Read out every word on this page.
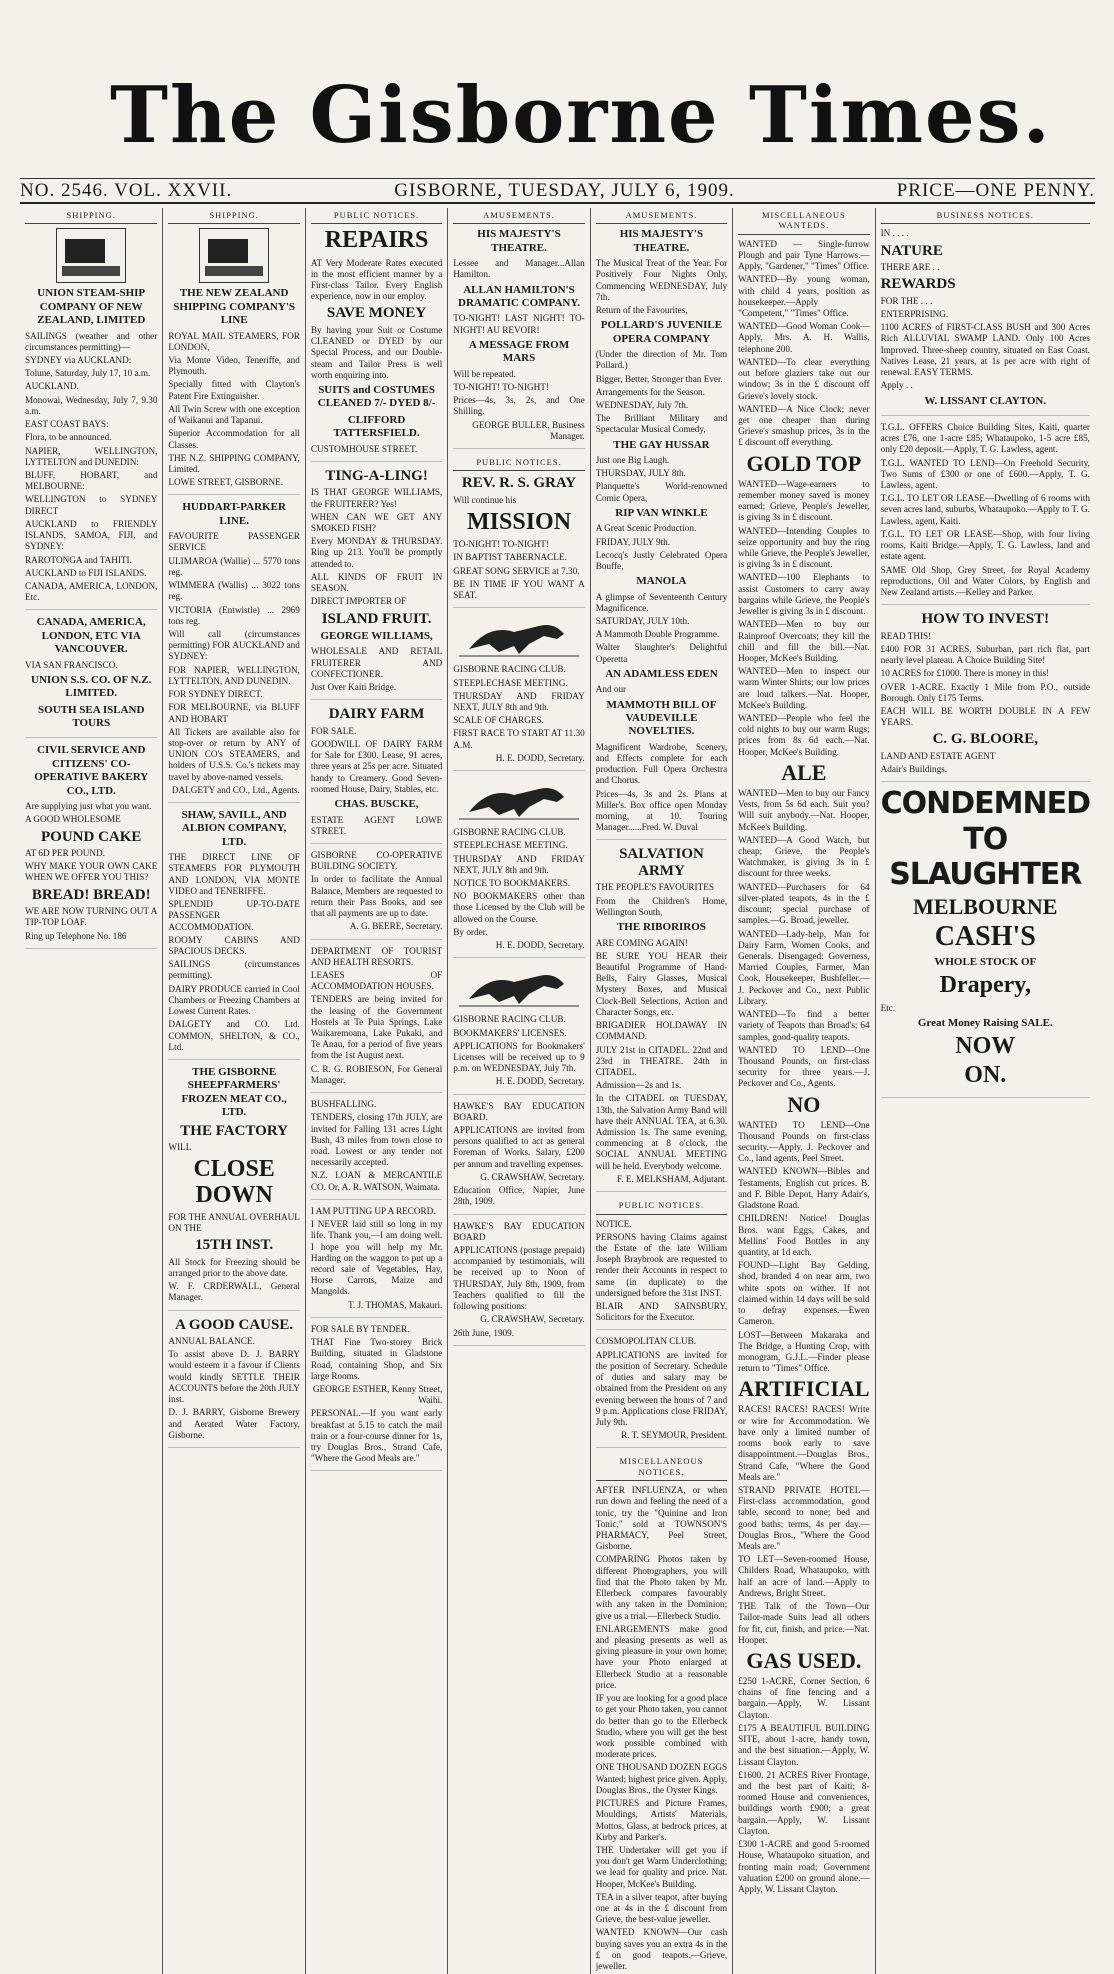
The Gisborne Times.
NO. 2546. VOL. XXVII.	GISBORNE, TUESDAY, JULY 6, 1909.	PRICE—ONE PENNY.
SHIPPING.
UNION STEAM-SHIP COMPANY OF NEW ZEALAND, LIMITED
SAILINGS (weather and other circumstances permitting)—
SYDNEY via AUCKLAND:
Tolune, Saturday, July 17, 10 a.m.
AUCKLAND.
Monowai, Wednesday, July 7, 9.30 a.m.
EAST COAST BAYS:
Flora, to be announced.
NAPIER, WELLINGTON, LYTTELTON and DUNEDIN:
BLUFF, HOBART, and MELBOURNE:
WELLINGTON to SYDNEY DIRECT
AUCKLAND to FRIENDLY ISLANDS, SAMOA, FIJI, and SYDNEY:
RAROTONGA and TAHITI.
AUCKLAND to FIJI ISLANDS.
CANADA, AMERICA, LONDON, Etc.
CANADA, AMERICA, LONDON, ETC VIA VANCOUVER.
VIA SAN FRANCISCO.
UNION S.S. CO. OF N.Z. LIMITED.
SOUTH SEA ISLAND TOURS
CIVIL SERVICE AND CITIZENS' CO-OPERATIVE BAKERY CO., LTD.
Are supplying just what you want.
A GOOD WHOLESOME
POUND CAKE
AT 6D PER POUND.
WHY MAKE YOUR OWN CAKE WHEN WE OFFER YOU THIS?
BREAD! BREAD!
WE ARE NOW TURNING OUT A TIP-TOP LOAF.
Ring up Telephone No. 186
SHIPPING.
THE NEW ZEALAND SHIPPING COMPANY'S LINE
ROYAL MAIL STEAMERS, FOR LONDON,
Via Monte Video, Teneriffe, and Plymouth.
Specially fitted with Clayton's Patent Fire Extinguisher.
All Twin Screw with one exception of Waikanui and Tapanui.
Superior Accommodation for all Classes.
THE N.Z. SHIPPING COMPANY, Limited.
LOWE STREET, GISBORNE.
HUDDART-PARKER LINE.
FAVOURITE PASSENGER SERVICE
ULIMAROA (Wallie) ... 5770 tons reg.
WIMMERA (Wallis) ... 3022 tons reg.
VICTORIA (Entwistle) ... 2969 tons reg.
Will call (circumstances permitting) FOR AUCKLAND and SYDNEY:
FOR NAPIER, WELLINGTON, LYTTELTON, AND DUNEDIN.
FOR SYDNEY DIRECT.
FOR MELBOURNE, via BLUFF AND HOBART
All Tickets are available also for stop-over or return by ANY of UNION CO's STEAMERS, and holders of U.S.S. Co.'s tickets may travel by above-named vessels.
DALGETY and CO., Ltd., Agents.
SHAW, SAVILL, AND ALBION COMPANY, LTD.
THE DIRECT LINE OF STEAMERS FOR PLYMOUTH AND LONDON, VIA MONTE VIDEO and TENERIFFE.
SPLENDID UP-TO-DATE PASSENGER ACCOMMODATION.
ROOMY CABINS AND SPACIOUS DECKS.
SAILINGS (circumstances permitting).
DAIRY PRODUCE carried in Cool Chambers or Freezing Chambers at Lowest Current Rates.
DALGETY and CO. Ltd. COMMON, SHELTON, & CO., Ltd.
THE GISBORNE SHEEPFARMERS' FROZEN MEAT CO., LTD.
THE FACTORY
WILL
CLOSE DOWN
FOR THE ANNUAL OVERHAUL ON THE
15TH INST.
All Stock for Freezing should be arranged prior to the above date.
W. F. CRDERWALL, General Manager.
A GOOD CAUSE.
ANNUAL BALANCE.
To assist above D. J. BARRY would esteem it a favour if Clients would kindly SETTLE THEIR ACCOUNTS before the 20th JULY inst.
D. J. BARRY, Gisborne Brewery and Aerated Water Factory, Gisborne.
PUBLIC NOTICES.
REPAIRS
AT Very Moderate Rates executed in the most efficient manner by a First-class Tailor. Every English experience, now in our employ.
SAVE MONEY
By having your Suit or Costume CLEANED or DYED by our Special Process, and our Double-steam and Tailor Press is well worth enquiring into.
SUITS and COSTUMES CLEANED 7/- DYED 8/-
CLIFFORD TATTERSFIELD.
CUSTOMHOUSE STREET.
TING-A-LING!
IS THAT GEORGE WILLIAMS, the FRUITERER? Yes!
WHEN CAN WE GET ANY SMOKED FISH?
Every MONDAY & THURSDAY. Ring up 213. You'll be promptly attended to.
ALL KINDS OF FRUIT IN SEASON.
DIRECT IMPORTER OF
ISLAND FRUIT.
GEORGE WILLIAMS,
WHOLESALE AND RETAIL FRUITERER AND CONFECTIONER.
Just Over Kaiti Bridge.
DAIRY FARM
FOR SALE.
GOODWILL OF DAIRY FARM for Sale for £300. Lease, 91 acres, three years at 25s per acre. Situated handy to Creamery. Good Seven-roomed House, Dairy, Stables, etc.
CHAS. BUSCKE,
ESTATE AGENT LOWE STREET.
GISBORNE CO-OPERATIVE BUILDING SOCIETY.
In order to facilitate the Annual Balance, Members are requested to return their Pass Books, and see that all payments are up to date.
A. G. BEERE, Secretary.
DEPARTMENT OF TOURIST AND HEALTH RESORTS.
LEASES OF ACCOMMODATION HOUSES.
TENDERS are being invited for the leasing of the Government Hostels at Te Puia Springs, Lake Waikaremoana, Lake Pukaki, and Te Anau, for a period of five years from the 1st August next.
C. R. G. ROBIESON, For General Manager.
BUSHFALLING.
TENDERS, closing 17th JULY, are invited for Falling 131 acres Light Bush, 43 miles from town close to road. Lowest or any tender not necessarily accepted.
N.Z. LOAN & MERCANTILE CO. Or, A. R. WATSON, Waimata.
I AM PUTTING UP A RECORD.
I NEVER laid still so long in my life. Thank you,—I am doing well. I hope you will help my Mr. Harding on the waggon to put up a record sale of Vegetables, Hay, Horse Carrots, Maize and Mangolds.
T. J. THOMAS, Makauri.
FOR SALE BY TENDER.
THAT Fine Two-storey Brick Building, situated in Gladstone Road, containing Shop, and Six large Rooms.
GEORGE ESTHER, Kenny Street, Waihi.
PERSONAL.—If you want early breakfast at 5.15 to catch the mail train or a four-course dinner for 1s, try Douglas Bros., Strand Cafe, "Where the Good Meals are."
AMUSEMENTS.
HIS MAJESTY'S THEATRE.
Lessee and Manager...Allan Hamilton.
ALLAN HAMILTON'S DRAMATIC COMPANY.
TO-NIGHT! LAST NIGHT! TO-NIGHT! AU REVOIR!
A MESSAGE FROM MARS
Will be repeated.
TO-NIGHT! TO-NIGHT!
Prices—4s, 3s, 2s, and One Shilling.
GEORGE BULLER, Business Manager.
PUBLIC NOTICES.
REV. R. S. GRAY
Will continue his
MISSION
TO-NIGHT! TO-NIGHT!
IN BAPTIST TABERNACLE.
GREAT SONG SERVICE at 7.30.
BE IN TIME IF YOU WANT A SEAT.
GISBORNE RACING CLUB.
STEEPLECHASE MEETING.
THURSDAY AND FRIDAY NEXT, JULY 8th and 9th.
SCALE OF CHARGES.
FIRST RACE TO START AT 11.30 A.M.
H. E. DODD, Secretary.
GISBORNE RACING CLUB.
STEEPLECHASE MEETING.
THURSDAY AND FRIDAY NEXT, JULY 8th and 9th.
NOTICE TO BOOKMAKERS.
NO BOOKMAKERS other than those Licensed by the Club will be allowed on the Course.
By order.
H. E. DODD, Secretary.
GISBORNE RACING CLUB.
BOOKMAKERS' LICENSES.
APPLICATIONS for Bookmakers' Licenses will be received up to 9 p.m. on WEDNESDAY, July 7th.
H. E. DODD, Secretary.
HAWKE'S BAY EDUCATION BOARD.
APPLICATIONS are invited from persons qualified to act as general Foreman of Works. Salary, £200 per annum and travelling expenses.
G. CRAWSHAW, Secretary.
Education Office, Napier, June 28th, 1909.
HAWKE'S BAY EDUCATION BOARD
APPLICATIONS (postage prepaid) accompanied by testimonials, will be received up to Noon of THURSDAY, July 8th, 1909, from Teachers qualified to fill the following positions:
G. CRAWSHAW, Secretary.
26th June, 1909.
AMUSEMENTS.
HIS MAJESTY'S THEATRE.
The Musical Treat of the Year. For Positively Four Nights Only, Commencing WEDNESDAY, July 7th.
Return of the Favourites,
POLLARD'S JUVENILE OPERA COMPANY
(Under the direction of Mr. Tom Pollard.)
Bigger, Better, Stronger than Ever.
Arrangements for the Season.
WEDNESDAY, July 7th.
The Brilliant Military and Spectacular Musical Comedy,
THE GAY HUSSAR
Just one Big Laugh.
THURSDAY, JULY 8th.
Planquette's World-renowned Comic Opera,
RIP VAN WINKLE
A Great Scenic Production.
FRIDAY, JULY 9th.
Lecocq's Justly Celebrated Opera Bouffe,
MANOLA
A glimpse of Seventeenth Century Magnificence.
SATURDAY, JULY 10th.
A Mammoth Double Programme.
Walter Slaughter's Delightful Operetta
AN ADAMLESS EDEN
And our
MAMMOTH BILL OF VAUDEVILLE NOVELTIES.
Magnificent Wardrobe, Scenery, and Effects complete for each production. Full Opera Orchestra and Chorus.
Prices—4s, 3s and 2s. Plans at Miller's. Box office open Monday morning, at 10. Touring Manager......Fred. W. Duval
SALVATION ARMY
THE PEOPLE'S FAVOURITES
From the Children's Home, Wellington South,
THE RIBORIROS
ARE COMING AGAIN!
BE SURE YOU HEAR their Beautiful Programme of Hand-Bells, Fairy Glasses, Musical Mystery Boxes, and Musical Clock-Bell Selections, Action and Character Songs, etc.
BRIGADIER HOLDAWAY IN COMMAND.
JULY 21st in CITADEL. 22nd and 23rd in THEATRE. 24th in CITADEL.
Admission—2s and 1s.
In the CITADEL on TUESDAY, 13th, the Salvation Army Band will have their ANNUAL TEA, at 6.30. Admission 1s. The same evening, commencing at 8 o'clock, the SOCIAL ANNUAL MEETING will be held. Everybody welcome.
F. E. MELKSHAM, Adjutant.
PUBLIC NOTICES.
NOTICE.
PERSONS having Claims against the Estate of the late William Joseph Braybrook are requested to render their Accounts in respect to same (in duplicate) to the undersigned before the 31st INST.
BLAIR AND SAINSBURY, Solicitors for the Executor.
COSMOPOLITAN CLUB.
APPLICATIONS are invited for the position of Secretary. Schedule of duties and salary may be obtained from the President on any evening between the hours of 7 and 9 p.m. Applications close FRIDAY, July 9th.
R. T. SEYMOUR, President.
MISCELLANEOUS NOTICES.
AFTER INFLUENZA, or when run down and feeling the need of a tonic, try the "Quinine and Iron Tonic," sold at TOWNSON'S PHARMACY, Peel Street, Gisborne.
COMPARING Photos taken by different Photographers, you will find that the Photo taken by Mr. Ellerbeck compares favourably with any taken in the Dominion; give us a trial.—Ellerbeck Studio.
ENLARGEMENTS make good and pleasing presents as well as giving pleasure in your own home; have your Photo enlarged at Ellerbeck Studio at a reasonable price.
IF you are looking for a good place to get your Photo taken, you cannot do better than go to the Ellerbeck Studio, where you will get the best work possible combined with moderate prices.
ONE THOUSAND DOZEN EGGS Wanted; highest price given. Apply, Douglas Bros., the Oyster Kings.
PICTURES and Picture Frames, Mouldings, Artists' Materials, Mottos, Glass, at bedrock prices, at Kirby and Parker's.
THE Undertaker will get you if you don't get Warm Underclothing; we lead for quality and price. Nat. Hooper, McKee's Building.
TEA in a silver teapot, after buying one at 4s in the £ discount from Grieve, the best-value jeweller.
WANTED KNOWN—Our cash buying saves you an extra 4s in the £ on good teapots.—Grieve, jeweller.
MISCELLANEOUS WANTEDS.
WANTED — Single-furrow Plough and pair Tyne Harrows.—Apply, "Gardener," "Times" Office.
WANTED—By young woman, with child 4 years, position as housekeeper.—Apply "Competent," "Times" Office.
WANTED—Good Woman Cook—Apply, Mrs. A. H. Wallis, telephone 200.
WANTED—To clear everything out before glaziers take out our window; 3s in the £ discount off Grieve's lovely stock.
WANTED—A Nice Clock; never get one cheaper than during Grieve's smashup prices, 3s in the £ discount off everything.
GOLD TOP
WANTED—Wage-earners to remember money saved is money earned; Grieve, People's Jeweller, is giving 3s in £ discount.
WANTED—Intending Couples to seize opportunity and buy the ring while Grieve, the People's Jeweller, is giving 3s in £ discount.
WANTED—100 Elephants to assist Customers to carry away bargains while Grieve, the People's Jeweller is giving 3s in £ discount.
WANTED—Men to buy our Rainproof Overcoats; they kill the chill and fill the bill.—Nat. Hooper, McKee's Building.
WANTED—Men to inspect our warm Winter Shirts; our low prices are loud talkers.—Nat. Hooper, McKee's Building.
WANTED—People who feel the cold nights to buy our warm Rugs; prices from 8s 6d each.—Nat. Hooper, McKee's Building.
ALE
WANTED—Men to buy our Fancy Vests, from 5s 6d each. Suit you? Will suit anybody.—Nat. Hooper, McKee's Building.
WANTED—A Good Watch, but cheap; Grieve, the People's Watchmaker, is giving 3s in £ discount for three weeks.
WANTED—Purchasers for 64 silver-plated teapots, 4s in the £ discount; special purchase of samples.—G. Broad, jeweller.
WANTED—Lady-help, Man for Dairy Farm, Women Cooks, and Generals. Disengaged: Governess, Married Couples, Farmer, Man Cook, Housekeeper, Bushfeller.—J. Peckover and Co., next Public Library.
WANTED—To find a better variety of Teapots than Broad's; 64 samples, good-quality teapots.
WANTED TO LEND—One Thousand Pounds, on first-class security for three years.—J. Peckover and Co., Agents.
NO
WANTED TO LEND—One Thousand Pounds on first-class security.—Apply, J. Peckover and Co., land agents, Peel Street.
WANTED KNOWN—Bibles and Testaments, English cut prices. B. and F. Bible Depot, Harry Adair's, Gladstone Road.
CHILDREN! Notice! Douglas Bros. want Eggs, Cakes, and Mellins' Food Bottles in any quantity, at 1d each.
FOUND—Light Bay Gelding, shod, branded 4 on near arm, two white spots on wither. If not claimed within 14 days will be sold to defray expenses.—Ewen Cameron.
LOST—Between Makaraka and The Bridge, a Hunting Crop, with monogram, G.J.L.—Finder please return to "Times" Office.
ARTIFICIAL
RACES! RACES! RACES! Write or wire for Accommodation. We have only a limited number of rooms book early to save disappointment.—Douglas Bros., Strand Cafe, "Where the Good Meals are."
STRAND PRIVATE HOTEL—First-class accommodation, good table, second to none; bed and good baths; terms, 4s per day.—Douglas Bros., "Where the Good Meals are."
TO LET—Seven-roomed House, Childers Road, Whataupoko, with half an acre of land.—Apply to Andrews, Bright Street.
THE Talk of the Town—Our Tailor-made Suits lead all others for fit, cut, finish, and price.—Nat. Hooper.
GAS USED.
£250 1-ACRE, Corner Section, 6 chains of fine fencing and a bargain.—Apply, W. Lissant Clayton.
£175 A BEAUTIFUL BUILDING SITE, about 1-acre, handy town, and the best situation.—Apply, W. Lissant Clayton.
£1600. 21 ACRES River Frontage, and the best part of Kaiti; 8-roomed House and conveniences, buildings worth £900; a great bargain.—Apply, W. Lissant Clayton.
£300 1-ACRE and good 5-roomed House, Whataupoko situation, and fronting main road; Government valuation £200 on ground alone.—Apply, W. Lissant Clayton.
BUSINESS NOTICES.
IN . . . .
NATURE
THERE ARE . .
REWARDS
FOR THE . . .
ENTERPRISING.
1100 ACRES of FIRST-CLASS BUSH and 300 Acres Rich ALLUVIAL SWAMP LAND. Only 100 Acres Improved. Three-sheep country, situated on East Coast. Natives Lease, 21 years, at 1s per acre with right of renewal. EASY TERMS.
Apply . .
W. LISSANT CLAYTON.
T.G.L. OFFERS Choice Building Sites, Kaiti, quarter acres £76, one 1-acre £85; Whataupoko, 1-5 acre £85, only £20 deposit.—Apply, T. G. Lawless, agent.
T.G.L. WANTED TO LEND—On Freehold Security, Two Sums of £300 or one of £600.—Apply, T. G. Lawless, agent.
T.G.L. TO LET OR LEASE—Dwelling of 6 rooms with seven acres land, suburbs, Whataupoko.—Apply to T. G. Lawless, agent, Kaiti.
T.G.L. TO LET OR LEASE—Shop, with four living rooms, Kaiti Bridge.—Apply, T. G. Lawless, land and estate agent.
SAME Old Shop, Grey Street, for Royal Academy reproductions, Oil and Water Colors, by English and New Zealand artists.—Kelley and Parker.
HOW TO INVEST!
READ THIS!
£400 FOR 31 ACRES, Suburban, part rich flat, part nearly level plateau. A Choice Building Site!
10 ACRES for £1000. There is money in this!
OVER 1-ACRE. Exactly 1 Mile from P.O., outside Borough. Only £175 Terms.
EACH WILL BE WORTH DOUBLE IN A FEW YEARS.
C. G. BLOORE,
LAND AND ESTATE AGENT
Adair's Buildings.
CONDEMNED
TO
SLAUGHTER
MELBOURNE
CASH'S
WHOLE STOCK OF
Drapery,
Etc.
Great Money Raising SALE.
NOW
ON.
